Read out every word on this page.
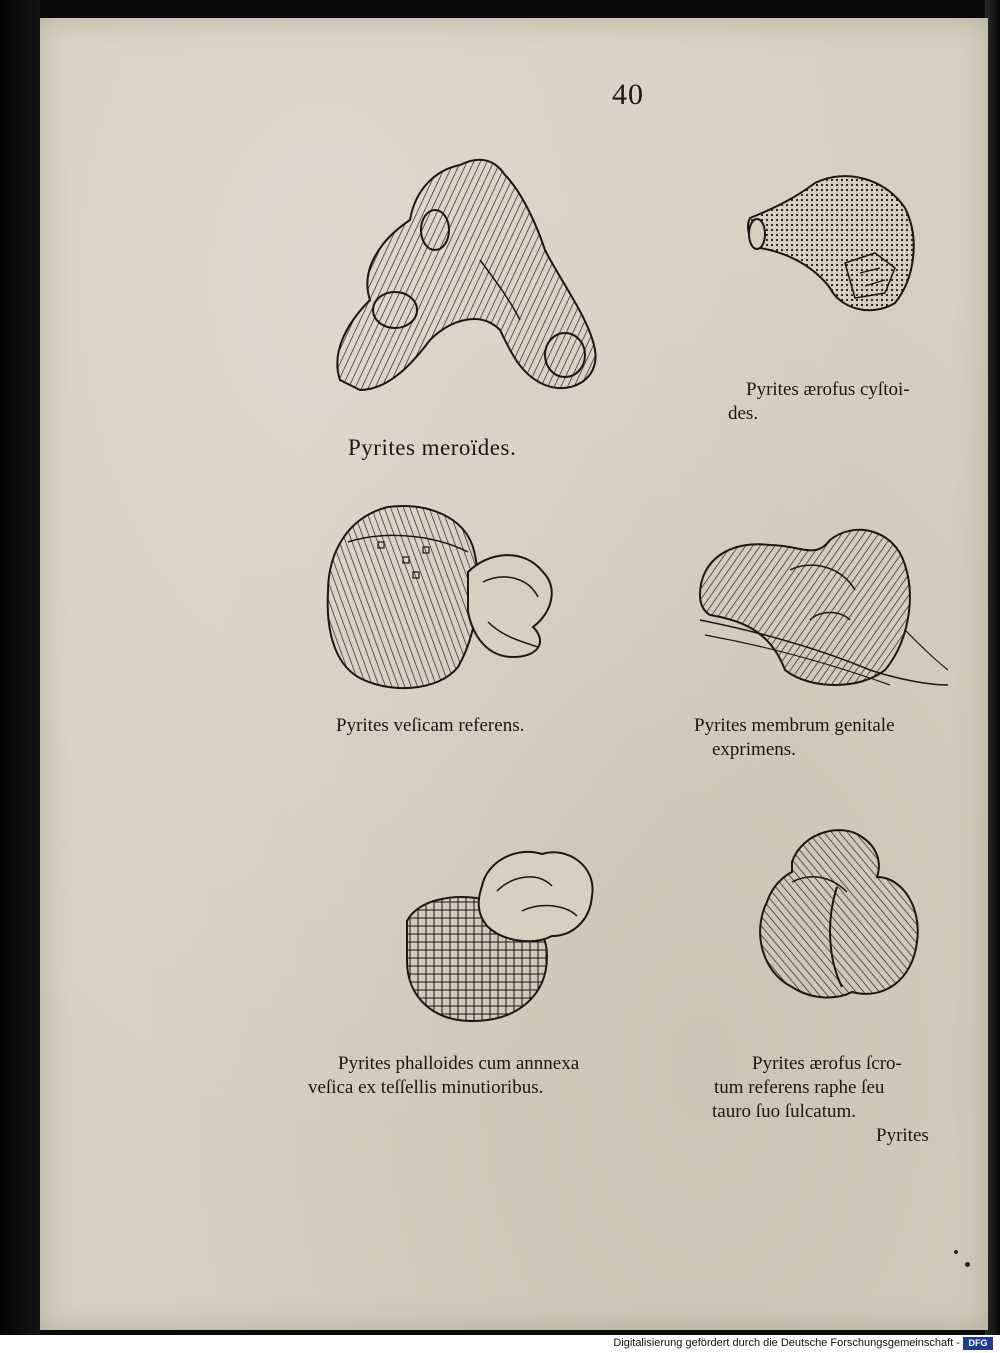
40
Pyrites meroïdes.
Pyrites ærofus cyſtoi-
des.
Pyrites veſicam referens.	Pyrites membrum genitale
exprimens.
Pyrites phalloides cum annnexa
veſica ex teſſellis minutioribus.
Pyrites ærofus ſcro-
tum referens raphe ſeu
tauro ſuo ſulcatum.
Pyrites
Digitalisierung gefördert durch die Deutsche Forschungsgemeinschaft - DFG
